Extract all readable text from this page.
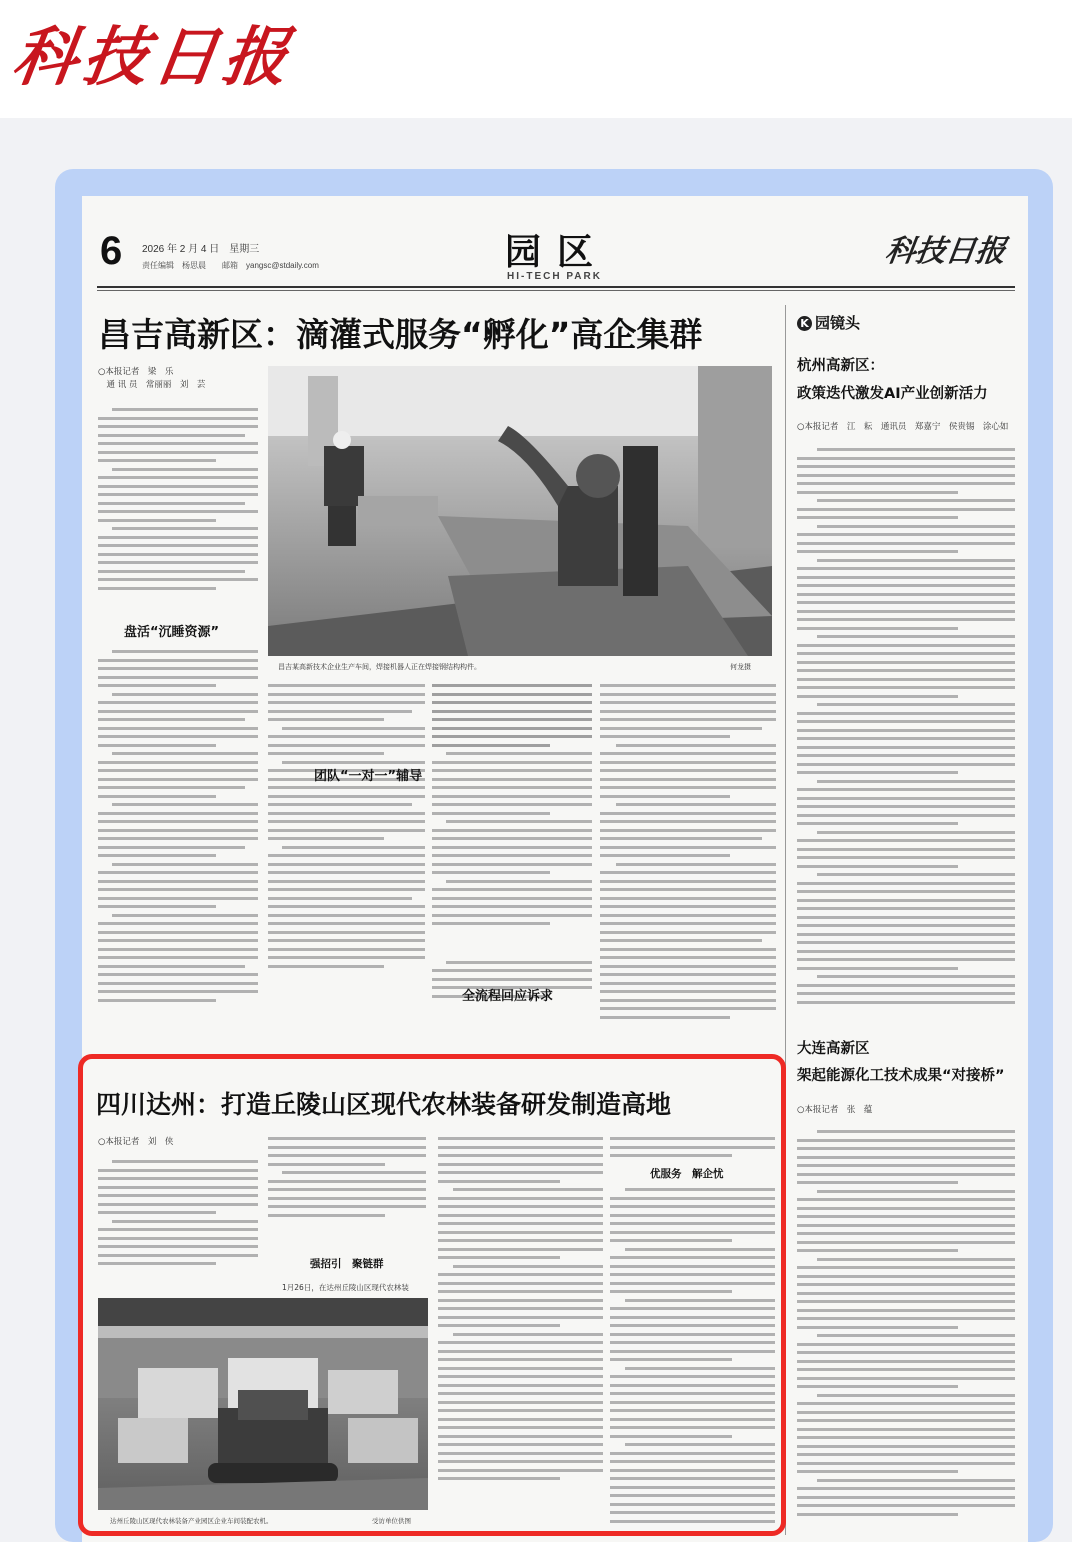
科技日报
6 2026 年 2 月 4 日　星期三
责任编辑　杨思晨　　邮箱　yangsc@stdaily.com	园区
HI-TECH PARK
科技日报
昌吉高新区：滴灌式服务“孵化”高企集群
○本报记者　梁　乐
　通 讯 员　常丽丽　刘　芸
盘活“沉睡资源”
昌吉某高新技术企业生产车间，焊接机器人正在焊接钢结构构件。	何龙摄
团队“一对一”辅导
全流程回应诉求
K 园镜头
杭州高新区：
政策迭代激发AI产业创新活力
○本报记者　江　耘　通讯员　郑嘉宁　侯贵锡　涂心如
大连高新区
架起能源化工技术成果“对接桥”
○本报记者　张　蕴
四川达州：打造丘陵山区现代农林装备研发制造高地
○本报记者　刘　侠
强招引　聚链群
1月26日，在达州丘陵山区现代农林装
优服务　解企忧
达州丘陵山区现代农林装备产业园区企业车间装配农机。	受访单位供图
